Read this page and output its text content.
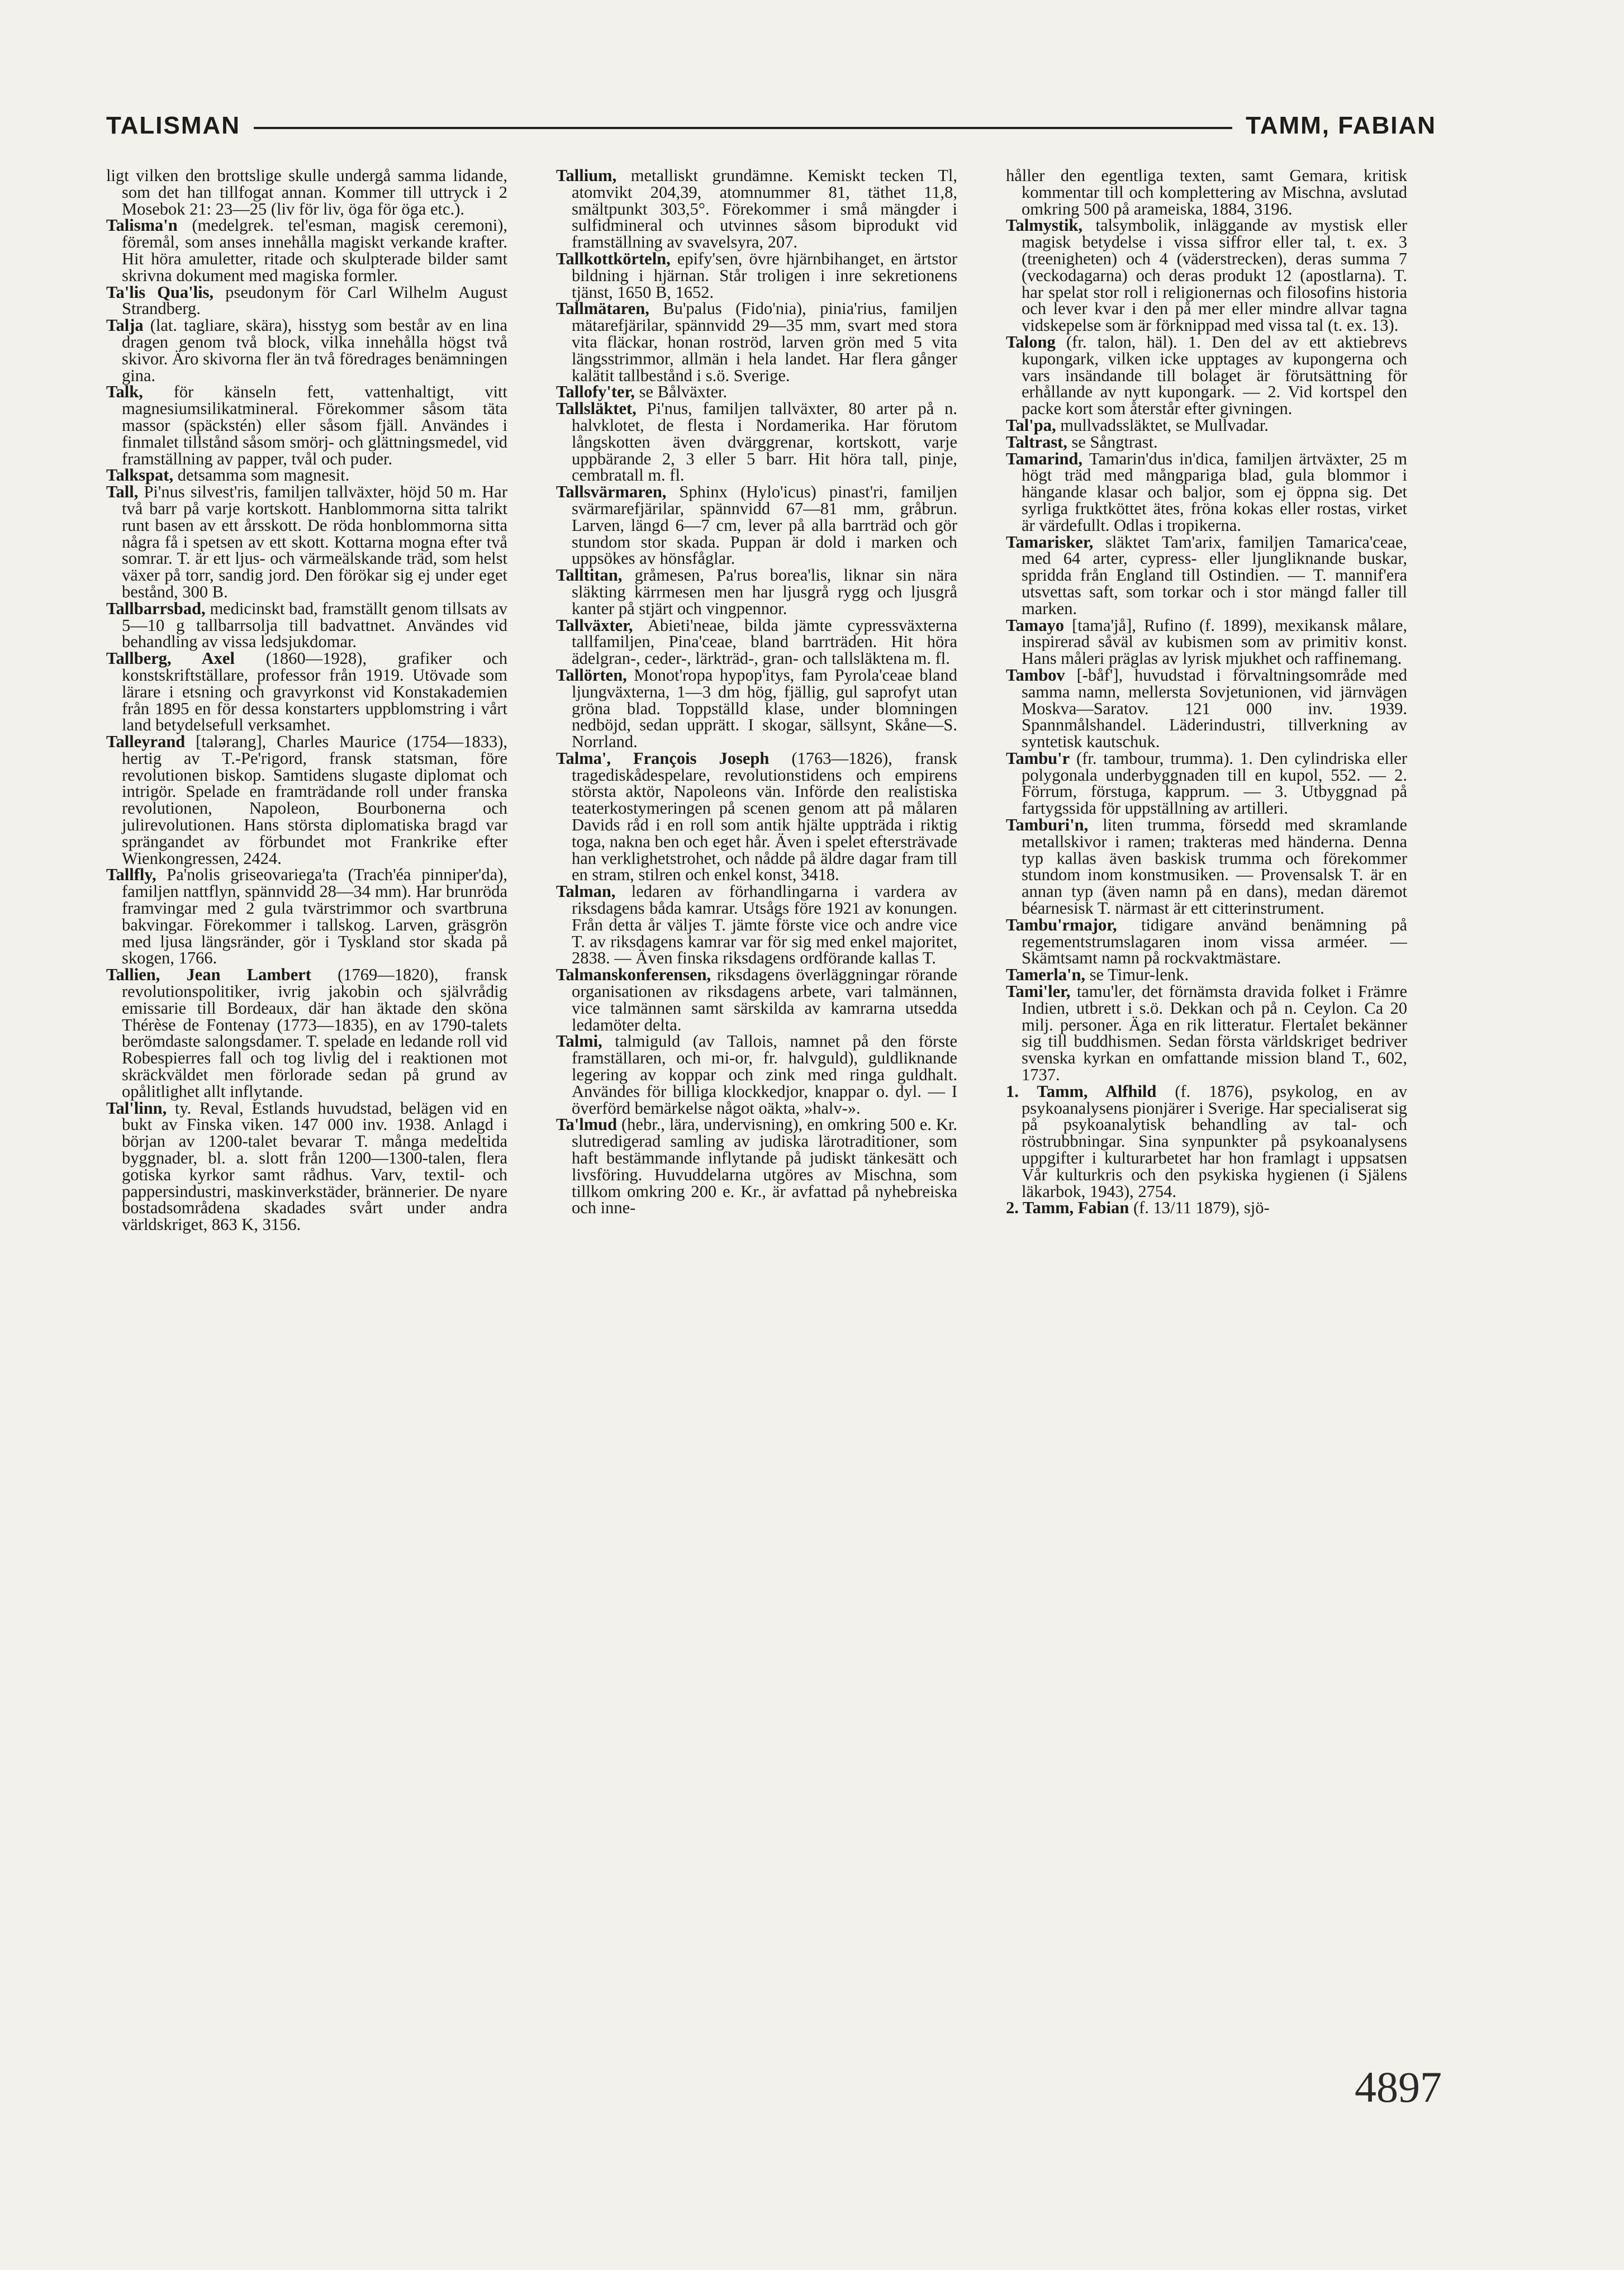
TALISMAN	TAMM, FABIAN

ligt vilken den brottslige skulle undergå samma lidande, som det han tillfogat annan. Kommer till uttryck i 2 Mosebok 21: 23—25 (liv för liv, öga för öga etc.).

Talisma'n (medelgrek. tel'esman, magisk ceremoni), föremål, som anses innehålla magiskt verkande krafter. Hit höra amuletter, ritade och skulpterade bilder samt skrivna dokument med magiska formler.

Ta'lis Qua'lis, pseudonym för Carl Wilhelm August Strandberg.

Talja (lat. tagliare, skära), hisstyg som består av en lina dragen genom två block, vilka innehålla högst två skivor. Äro skivorna fler än två föredrages benämningen gina.

Talk, för känseln fett, vattenhaltigt, vitt magnesiumsilikatmineral. Förekommer såsom täta massor (späckstén) eller såsom fjäll. Användes i finmalet tillstånd såsom smörj- och glättningsmedel, vid framställning av papper, tvål och puder.

Talkspat, detsamma som magnesit.

Tall, Pi'nus silvest'ris, familjen tallväxter, höjd 50 m. Har två barr på varje kortskott. Hanblommorna sitta talrikt runt basen av ett årsskott. De röda honblommorna sitta några få i spetsen av ett skott. Kottarna mogna efter två somrar. T. är ett ljus- och värmeälskande träd, som helst växer på torr, sandig jord. Den förökar sig ej under eget bestånd, 300 B.

Tallbarrsbad, medicinskt bad, framställt genom tillsats av 5—10 g tallbarrsolja till badvattnet. Användes vid behandling av vissa ledsjukdomar.

Tallberg, Axel (1860—1928), grafiker och konstskriftställare, professor från 1919. Utövade som lärare i etsning och gravyrkonst vid Konstakademien från 1895 en för dessa konstarters uppblomstring i vårt land betydelsefull verksamhet.

Talleyrand [talərang], Charles Maurice (1754—1833), hertig av T.-Pe'rigord, fransk statsman, före revolutionen biskop. Samtidens slugaste diplomat och intrigör. Spelade en framträdande roll under franska revolutionen, Napoleon, Bourbonerna och julirevolutionen. Hans största diplomatiska bragd var sprängandet av förbundet mot Frankrike efter Wienkongressen, 2424.

Tallfly, Pa'nolis griseovariega'ta (Trach'éa pinniper'da), familjen nattflyn, spännvidd 28—34 mm). Har brunröda framvingar med 2 gula tvärstrimmor och svartbruna bakvingar. Förekommer i tallskog. Larven, gräsgrön med ljusa längsränder, gör i Tyskland stor skada på skogen, 1766.

Tallien, Jean Lambert (1769—1820), fransk revolutionspolitiker, ivrig jakobin och självrådig emissarie till Bordeaux, där han äktade den sköna Thérèse de Fontenay (1773—1835), en av 1790-talets berömdaste salongsdamer. T. spelade en ledande roll vid Robespierres fall och tog livlig del i reaktionen mot skräckväldet men förlorade sedan på grund av opålitlighet allt inflytande.

Tal'linn, ty. Reval, Estlands huvudstad, belägen vid en bukt av Finska viken. 147 000 inv. 1938. Anlagd i början av 1200-talet bevarar T. många medeltida byggnader, bl. a. slott från 1200—1300-talen, flera gotiska kyrkor samt rådhus. Varv, textil- och pappersindustri, maskinverkstäder, brännerier. De nyare bostadsområdena skadades svårt under andra världskriget, 863 K, 3156.

Tallium, metalliskt grundämne. Kemiskt tecken Tl, atomvikt 204,39, atomnummer 81, täthet 11,8, smältpunkt 303,5°. Förekommer i små mängder i sulfidmineral och utvinnes såsom biprodukt vid framställning av svavelsyra, 207.

Tallkottkörteln, epify'sen, övre hjärnbihanget, en ärtstor bildning i hjärnan. Står troligen i inre sekretionens tjänst, 1650 B, 1652.

Tallmätaren, Bu'palus (Fido'nia), pinia'rius, familjen mätarefjärilar, spännvidd 29—35 mm, svart med stora vita fläckar, honan roströd, larven grön med 5 vita längsstrimmor, allmän i hela landet. Har flera gånger kalätit tallbestånd i s.ö. Sverige.

Tallofy'ter, se Bålväxter.

Tallsläktet, Pi'nus, familjen tallväxter, 80 arter på n. halvklotet, de flesta i Nordamerika. Har förutom långskotten även dvärggrenar, kortskott, varje uppbärande 2, 3 eller 5 barr. Hit höra tall, pinje, cembratall m. fl.

Tallsvärmaren, Sphinx (Hylo'icus) pinast'ri, familjen svärmarefjärilar, spännvidd 67—81 mm, gråbrun. Larven, längd 6—7 cm, lever på alla barrträd och gör stundom stor skada. Puppan är dold i marken och uppsökes av hönsfåglar.

Talltitan, gråmesen, Pa'rus borea'lis, liknar sin nära släkting kärrmesen men har ljusgrå rygg och ljusgrå kanter på stjärt och vingpennor.

Tallväxter, Abieti'neae, bilda jämte cypressväxterna tallfamiljen, Pina'ceae, bland barrträden. Hit höra ädelgran-, ceder-, lärkträd-, gran- och tallsläktena m. fl.

Tallörten, Monot'ropa hypop'itys, fam Pyrola'ceae bland ljungväxterna, 1—3 dm hög, fjällig, gul saprofyt utan gröna blad. Toppställd klase, under blomningen nedböjd, sedan upprätt. I skogar, sällsynt, Skåne—S. Norrland.

Talma', François Joseph (1763—1826), fransk tragediskådespelare, revolutionstidens och empirens största aktör, Napoleons vän. Införde den realistiska teaterkostymeringen på scenen genom att på målaren Davids råd i en roll som antik hjälte uppträda i riktig toga, nakna ben och eget hår. Även i spelet eftersträvade han verklighetstrohet, och nådde på äldre dagar fram till en stram, stilren och enkel konst, 3418.

Talman, ledaren av förhandlingarna i vardera av riksdagens båda kamrar. Utsågs före 1921 av konungen. Från detta år väljes T. jämte förste vice och andre vice T. av riksdagens kamrar var för sig med enkel majoritet, 2838. — Även finska riksdagens ordförande kallas T.

Talmanskonferensen, riksdagens överläggningar rörande organisationen av riksdagens arbete, vari talmännen, vice talmännen samt särskilda av kamrarna utsedda ledamöter delta.

Talmi, talmiguld (av Tallois, namnet på den förste framställaren, och mi-or, fr. halvguld), guldliknande legering av koppar och zink med ringa guldhalt. Användes för billiga klockkedjor, knappar o. dyl. — I överförd bemärkelse något oäkta, »halv-».

Ta'lmud (hebr., lära, undervisning), en omkring 500 e. Kr. slutredigerad samling av judiska lärotraditioner, som haft bestämmande inflytande på judiskt tänkesätt och livsföring. Huvuddelarna utgöres av Mischna, som tillkom omkring 200 e. Kr., är avfattad på nyhebreiska och inne-

håller den egentliga texten, samt Gemara, kritisk kommentar till och komplettering av Mischna, avslutad omkring 500 på arameiska, 1884, 3196.

Talmystik, talsymbolik, inläggande av mystisk eller magisk betydelse i vissa siffror eller tal, t. ex. 3 (treenigheten) och 4 (väderstrecken), deras summa 7 (veckodagarna) och deras produkt 12 (apostlarna). T. har spelat stor roll i religionernas och filosofins historia och lever kvar i den på mer eller mindre allvar tagna vidskepelse som är förknippad med vissa tal (t. ex. 13).

Talong (fr. talon, häl). 1. Den del av ett aktiebrevs kupongark, vilken icke upptages av kupongerna och vars insändande till bolaget är förutsättning för erhållande av nytt kupongark. — 2. Vid kortspel den packe kort som återstår efter givningen.

Tal'pa, mullvadssläktet, se Mullvadar.

Taltrast, se Sångtrast.

Tamarind, Tamarin'dus in'dica, familjen ärtväxter, 25 m högt träd med mångpariga blad, gula blommor i hängande klasar och baljor, som ej öppna sig. Det syrliga fruktköttet ätes, fröna kokas eller rostas, virket är värdefullt. Odlas i tropikerna.

Tamarisker, släktet Tam'arix, familjen Tamarica'ceae, med 64 arter, cypress- eller ljungliknande buskar, spridda från England till Ostindien. — T. mannif'era utsvettas saft, som torkar och i stor mängd faller till marken.

Tamayo [tama'jå], Rufino (f. 1899), mexikansk målare, inspirerad såväl av kubismen som av primitiv konst. Hans måleri präglas av lyrisk mjukhet och raffinemang.

Tambov [-båf'], huvudstad i förvaltningsområde med samma namn, mellersta Sovjetunionen, vid järnvägen Moskva—Saratov. 121 000 inv. 1939. Spannmålshandel. Läderindustri, tillverkning av syntetisk kautschuk.

Tambu'r (fr. tambour, trumma). 1. Den cylindriska eller polygonala underbyggnaden till en kupol, 552. — 2. Förrum, förstuga, kapprum. — 3. Utbyggnad på fartygssida för uppställning av artilleri.

Tamburi'n, liten trumma, försedd med skramlande metallskivor i ramen; trakteras med händerna. Denna typ kallas även baskisk trumma och förekommer stundom inom konstmusiken. — Provensalsk T. är en annan typ (även namn på en dans), medan däremot béarnesisk T. närmast är ett citterinstrument.

Tambu'rmajor, tidigare använd benämning på regementstrumslagaren inom vissa arméer. — Skämtsamt namn på rockvaktmästare.

Tamerla'n, se Timur-lenk.

Tami'ler, tamu'ler, det förnämsta dravida folket i Främre Indien, utbrett i s.ö. Dekkan och på n. Ceylon. Ca 20 milj. personer. Äga en rik litteratur. Flertalet bekänner sig till buddhismen. Sedan första världskriget bedriver svenska kyrkan en omfattande mission bland T., 602, 1737.

1. Tamm, Alfhild (f. 1876), psykolog, en av psykoanalysens pionjärer i Sverige. Har specialiserat sig på psykoanalytisk behandling av tal- och röstrubbningar. Sina synpunkter på psykoanalysens uppgifter i kulturarbetet har hon framlagt i uppsatsen Vår kulturkris och den psykiska hygienen (i Själens läkarbok, 1943), 2754.

2. Tamm, Fabian (f. 13/11 1879), sjö-

4897
